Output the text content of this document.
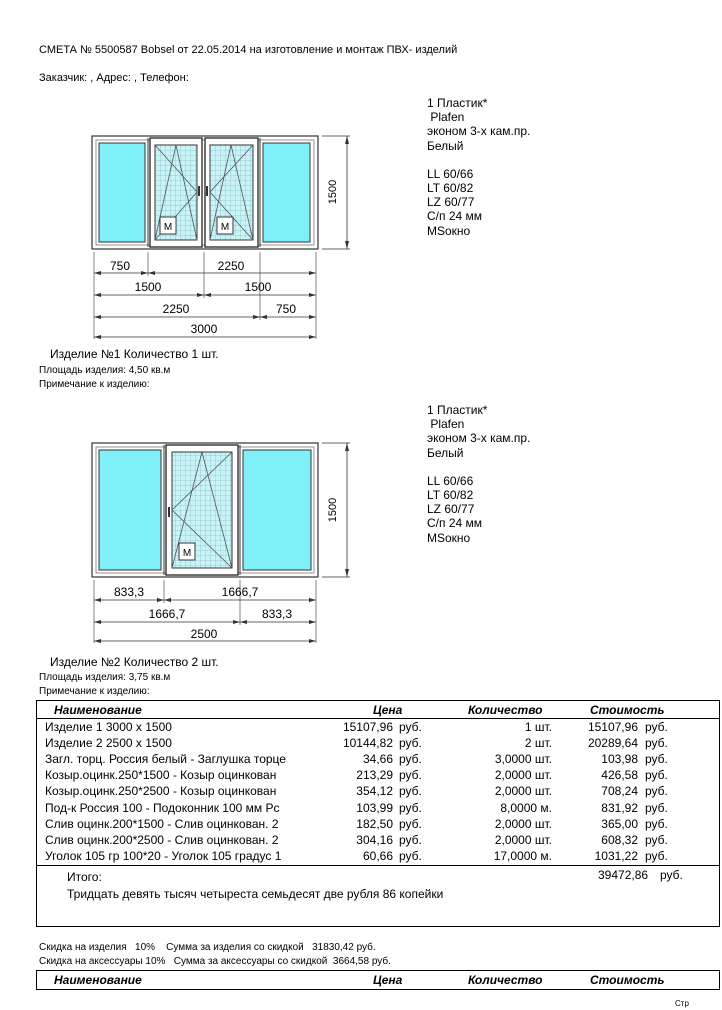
СМЕТА № 5500587 Bobsel от 22.05.2014 на изготовление и монтаж ПВХ- изделий
Заказчик: , Адрес: , Телефон:
1 Пластик*
Plafen
эконом 3-х кам.пр.
Белый
LL 60/66
LT 60/82
LZ 60/77
С/п 24 мм
MSокно
M	M
1500
750	2250
1500	1500
2250	750
3000
Изделие №1 Количество 1 шт.
Площадь изделия: 4,50 кв.м
Примечание к изделию:
1 Пластик*
Plafen
эконом 3-х кам.пр.
Белый
LL 60/66
LT 60/82
LZ 60/77
С/п 24 мм
MSокно
M
1500
833,3	1666,7
1666,7	833,3
2500
Изделие №2 Количество 2 шт.
Площадь изделия: 3,75 кв.м
Примечание к изделию:
Наименование	Цена	Количество	Стоимость
Изделие 1 3000 x 1500	15107,96 руб.	1 шт.	15107,96 руб.
Изделие 2 2500 x 1500	10144,82 руб.	2 шт.	20289,64 руб.
Загл. торц. Россия белый - Заглушка торце	34,66 руб.	3,0000 шт.	103,98 руб.
Козыр.оцинк.250*1500 - Козыр оцинкован	213,29 руб.	2,0000 шт.	426,58 руб.
Козыр.оцинк.250*2500 - Козыр оцинкован	354,12 руб.	2,0000 шт.	708,24 руб.
Под-к Россия 100 - Подоконник 100 мм Рс	103,99 руб.	8,0000 м.	831,92 руб.
Слив оцинк.200*1500 - Слив оцинкован. 2	182,50 руб.	2,0000 шт.	365,00 руб.
Слив оцинк.200*2500 - Слив оцинкован. 2	304,16 руб.	2,0000 шт.	608,32 руб.
Уголок 105 гр 100*20 - Уголок 105 градус 1	60,66 руб.	17,0000 м.	1031,22 руб.
Итого:	39472,86 руб.
Тридцать девять тысяч четыреста семьдесят две рубля 86 копейки
Скидка на изделия   10%    Сумма за изделия со скидкой   31830,42 руб.
Скидка на аксессуары 10%   Сумма за аксессуары со скидкой  3664,58 руб.
Наименование	Цена	Количество	Стоимость
Cтp
